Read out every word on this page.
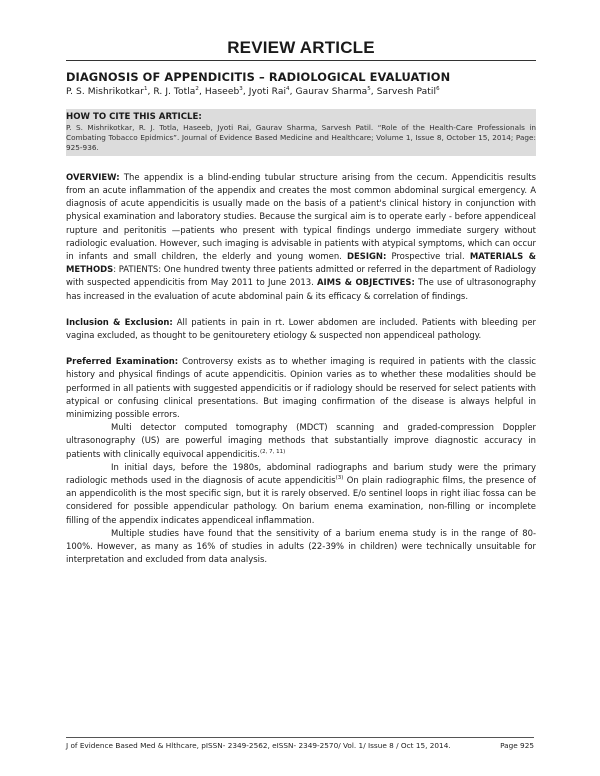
REVIEW ARTICLE
DIAGNOSIS OF APPENDICITIS – RADIOLOGICAL EVALUATION

P. S. Mishrikotkar$^1$, R. J. Totla$^2$, Haseeb$^3$, Jyoti Rai$^4$, Gaurav Sharma$^5$, Sarvesh Patil$^6$

HOW TO CITE THIS ARTICLE:

P. S. Mishrikotkar, R. J. Totla, Haseeb, Jyoti Rai, Gaurav Sharma, Sarvesh Patil. “Role of the Health-Care Professionals in Combating Tobacco Epidmics”. Journal of Evidence Based Medicine and Healthcare; Volume 1, Issue 8, October 15, 2014; Page: 925-936.

OVERVIEW: The appendix is a blind-ending tubular structure arising from the cecum. Appendicitis results from an acute inflammation of the appendix and creates the most common abdominal surgical emergency. A diagnosis of acute appendicitis is usually made on the basis of a patient's clinical history in conjunction with physical examination and laboratory studies. Because the surgical aim is to operate early - before appendiceal rupture and peritonitis —patients who present with typical findings undergo immediate surgery without radiologic evaluation. However, such imaging is advisable in patients with atypical symptoms, which can occur in infants and small children, the elderly and young women. DESIGN: Prospective trial. MATERIALS & METHODS: PATIENTS: One hundred twenty three patients admitted or referred in the department of Radiology with suspected appendicitis from May 2011 to June 2013. AIMS & OBJECTIVES: The use of ultrasonography has increased in the evaluation of acute abdominal pain & its efficacy & correlation of findings.

Inclusion & Exclusion: All patients in pain in rt. Lower abdomen are included. Patients with bleeding per vagina excluded, as thought to be genitouretery etiology & suspected non appendiceal pathology.

Preferred Examination: Controversy exists as to whether imaging is required in patients with the classic history and physical findings of acute appendicitis. Opinion varies as to whether these modalities should be performed in all patients with suggested appendicitis or if radiology should be reserved for select patients with atypical or confusing clinical presentations. But imaging confirmation of the disease is always helpful in minimizing possible errors.

Multi detector computed tomography (MDCT) scanning and graded-compression Doppler ultrasonography (US) are powerful imaging methods that substantially improve diagnostic accuracy in patients with clinically equivocal appendicitis.$^{(2, 7, 11)}$

In initial days, before the 1980s, abdominal radiographs and barium study were the primary radiologic methods used in the diagnosis of acute appendicitis$^{(3)}$ On plain radiographic films, the presence of an appendicolith is the most specific sign, but it is rarely observed. E/o sentinel loops in right iliac fossa can be considered for possible appendicular pathology. On barium enema examination, non-filling or incomplete filling of the appendix indicates appendiceal inflammation.

Multiple studies have found that the sensitivity of a barium enema study is in the range of 80-100%. However, as many as 16% of studies in adults (22-39% in children) were technically unsuitable for interpretation and excluded from data analysis.

J of Evidence Based Med & Hlthcare, pISSN- 2349-2562, eISSN- 2349-2570/ Vol. 1/ Issue 8 / Oct 15, 2014.	Page 925
